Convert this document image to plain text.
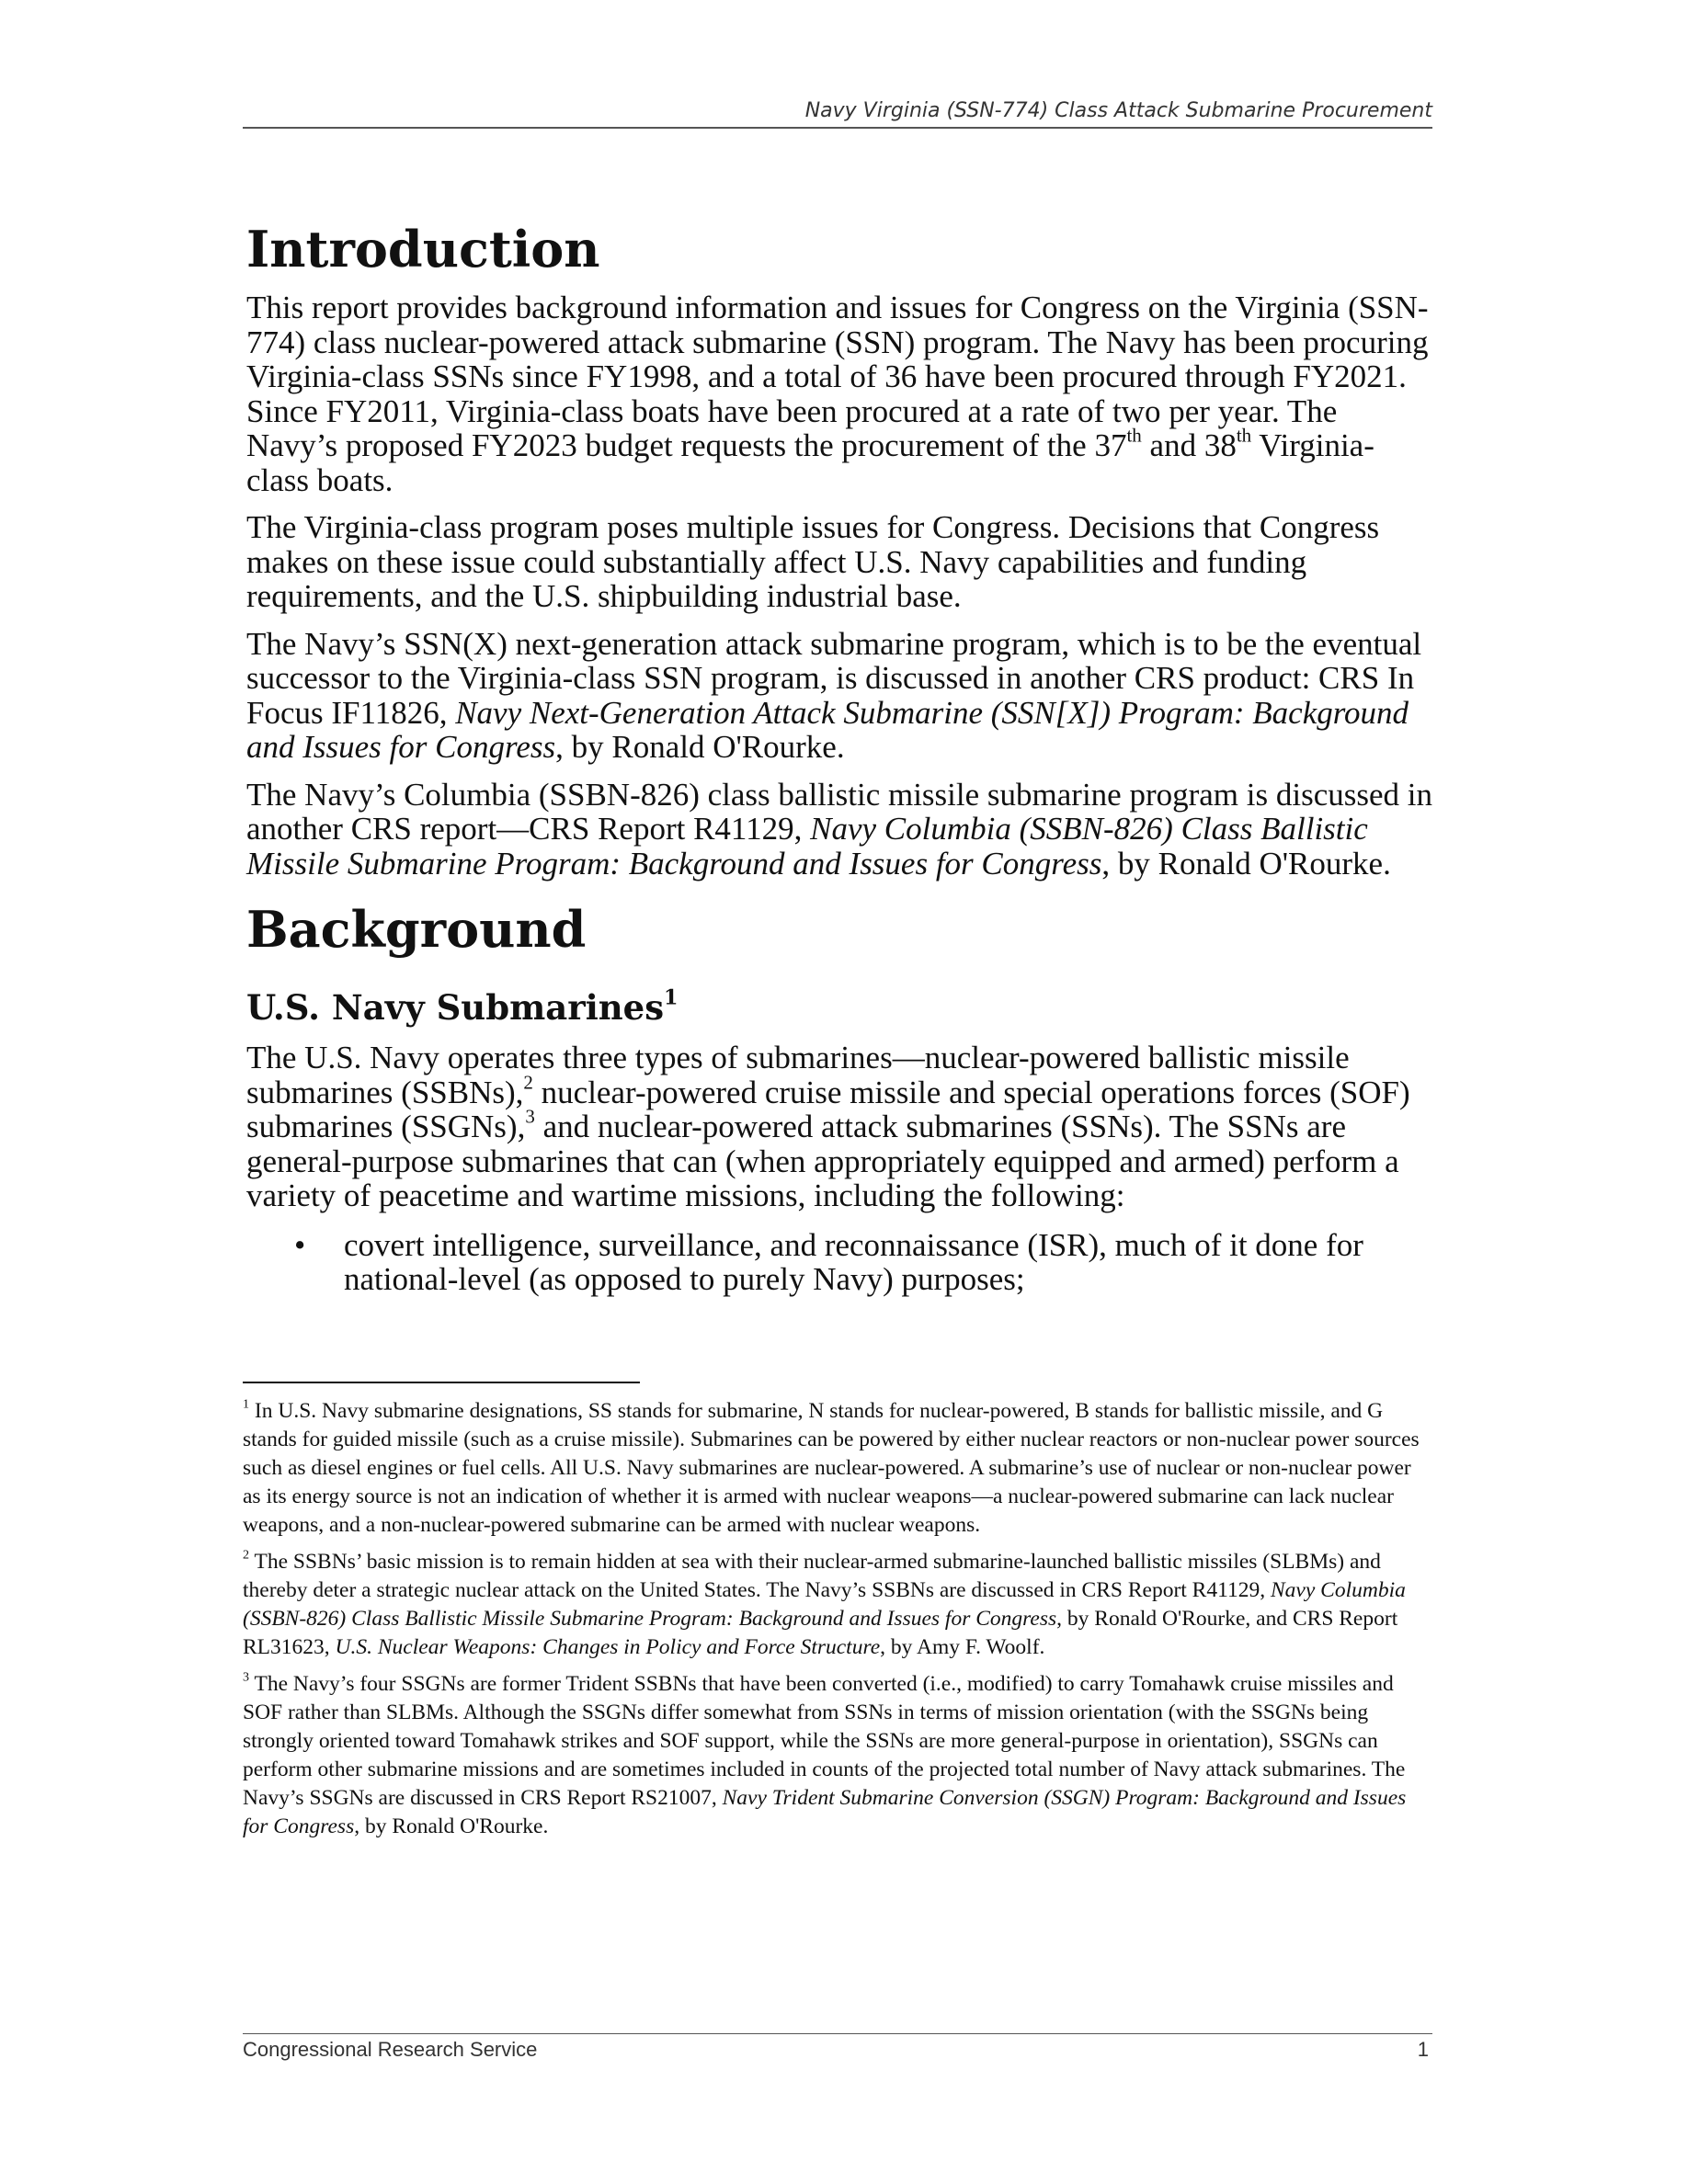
Navy Virginia (SSN-774) Class Attack Submarine Procurement
Introduction

This report provides background information and issues for Congress on the Virginia (SSN-774) class nuclear-powered attack submarine (SSN) program. The Navy has been procuring Virginia-class SSNs since FY1998, and a total of 36 have been procured through FY2021. Since FY2011, Virginia-class boats have been procured at a rate of two per year. The Navy’s proposed FY2023 budget requests the procurement of the 37th and 38th Virginia-class boats.

The Virginia-class program poses multiple issues for Congress. Decisions that Congress makes on these issue could substantially affect U.S. Navy capabilities and funding requirements, and the U.S. shipbuilding industrial base.

The Navy’s SSN(X) next-generation attack submarine program, which is to be the eventual successor to the Virginia-class SSN program, is discussed in another CRS product: CRS In Focus IF11826, Navy Next-Generation Attack Submarine (SSN[X]) Program: Background and Issues for Congress, by Ronald O'Rourke.

The Navy’s Columbia (SSBN-826) class ballistic missile submarine program is discussed in another CRS report—CRS Report R41129, Navy Columbia (SSBN-826) Class Ballistic Missile Submarine Program: Background and Issues for Congress, by Ronald O'Rourke.

Background
U.S. Navy Submarines$^1$

The U.S. Navy operates three types of submarines—nuclear-powered ballistic missile submarines (SSBNs),$^2$ nuclear-powered cruise missile and special operations forces (SOF) submarines (SSGNs),$^3$ and nuclear-powered attack submarines (SSNs). The SSNs are general-purpose submarines that can (when appropriately equipped and armed) perform a variety of peacetime and wartime missions, including the following:

• covert intelligence, surveillance, and reconnaissance (ISR), much of it done for national-level (as opposed to purely Navy) purposes;

$^1$ In U.S. Navy submarine designations, SS stands for submarine, N stands for nuclear-powered, B stands for ballistic missile, and G stands for guided missile (such as a cruise missile). Submarines can be powered by either nuclear reactors or non-nuclear power sources such as diesel engines or fuel cells. All U.S. Navy submarines are nuclear-powered. A submarine’s use of nuclear or non-nuclear power as its energy source is not an indication of whether it is armed with nuclear weapons—a nuclear-powered submarine can lack nuclear weapons, and a non-nuclear-powered submarine can be armed with nuclear weapons.

$^2$ The SSBNs’ basic mission is to remain hidden at sea with their nuclear-armed submarine-launched ballistic missiles (SLBMs) and thereby deter a strategic nuclear attack on the United States. The Navy’s SSBNs are discussed in CRS Report R41129, Navy Columbia (SSBN-826) Class Ballistic Missile Submarine Program: Background and Issues for Congress, by Ronald O'Rourke, and CRS Report RL31623, U.S. Nuclear Weapons: Changes in Policy and Force Structure, by Amy F. Woolf.

$^3$ The Navy’s four SSGNs are former Trident SSBNs that have been converted (i.e., modified) to carry Tomahawk cruise missiles and SOF rather than SLBMs. Although the SSGNs differ somewhat from SSNs in terms of mission orientation (with the SSGNs being strongly oriented toward Tomahawk strikes and SOF support, while the SSNs are more general-purpose in orientation), SSGNs can perform other submarine missions and are sometimes included in counts of the projected total number of Navy attack submarines. The Navy’s SSGNs are discussed in CRS Report RS21007, Navy Trident Submarine Conversion (SSGN) Program: Background and Issues for Congress, by Ronald O'Rourke.

Congressional Research Service	1
